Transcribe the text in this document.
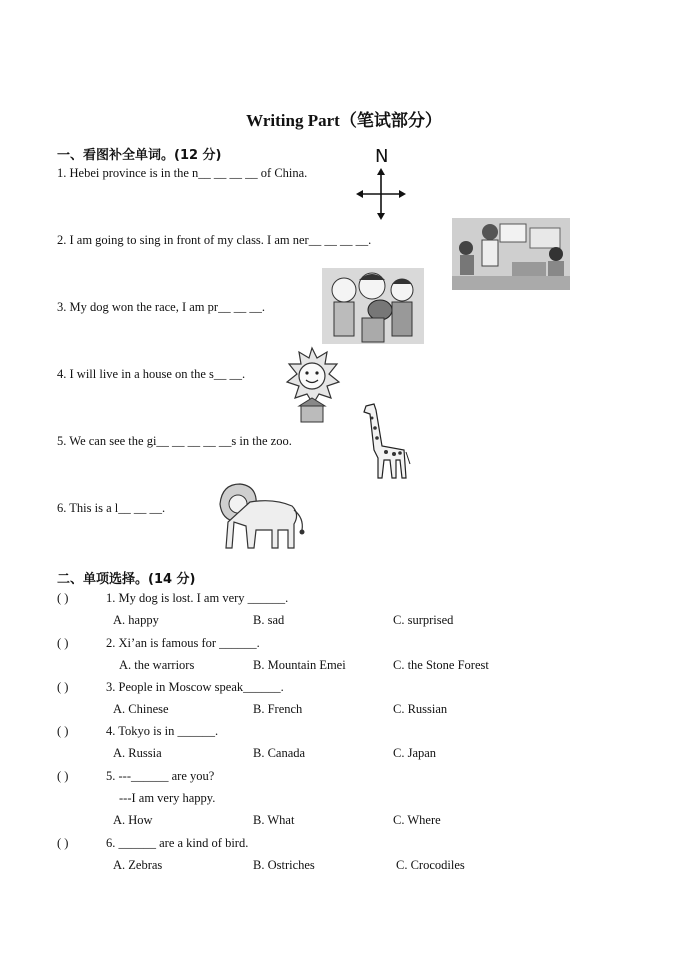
Writing Part（笔试部分）
一、看图补全单词。(12 分)
1. Hebei province is in the n__ __ __ __ of China.
2. I am going to sing in front of my class. I am ner__ __ __ __.
3. My dog won the race, I am pr__ __ __.
4. I will live in a house on the s__ __.
5. We can see the gi__ __ __ __ __s in the zoo.
6. This is a l__ __ __.
N
二、单项选择。(14 分)
( )	1. My dog is lost. I am very ______.
A. happy	B. sad	C. surprised
( )	2. Xi’an is famous for ______.
A. the warriors	B. Mountain Emei	C. the Stone Forest
( )	3. People in Moscow speak______.
A. Chinese	B. French	C. Russian
( )	4. Tokyo is in ______.
A. Russia	B. Canada	C. Japan
( )	5. ---______ are you?
---I am very happy.
A. How	B. What	C. Where
( )	6. ______ are a kind of bird.
A. Zebras	B. Ostriches	C. Crocodiles
